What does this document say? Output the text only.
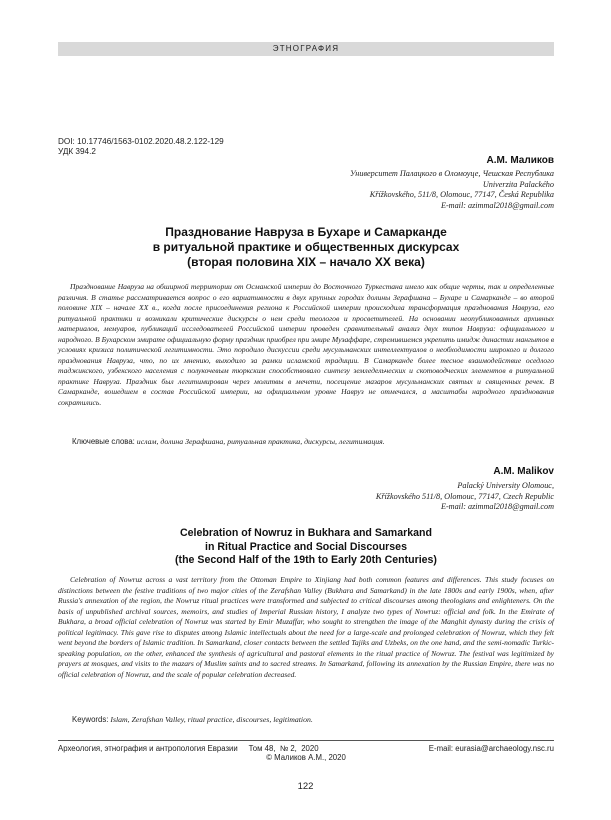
ЭТНОГРАФИЯ
DOI: 10.17746/1563-0102.2020.48.2.122-129
УДК 394.2
А.М. Маликов
Университет Палацкого в Оломоуце, Чешская Республика
Univerzita Palackého
Křížkovského, 511/8, Olomouc, 77147, Česká Republika
E-mail: azimmal2018@gmail.com
Празднование Навруза в Бухаре и Самарканде
в ритуальной практике и общественных дискурсах
(вторая половина XIX – начало XX века)

Празднование Навруза на обширной территории от Османской империи до Восточного Туркестана имело как общие черты, так и определенные различия. В статье рассматривается вопрос о его вариативности в двух крупных городах долины Зерафшана – Бухаре и Самарканде – во второй половине XIX – начале XX в., когда после присоединения региона к Российской империи происходила трансформация празднования Навруза, его ритуальной практики и возникали критические дискурсы о нем среди теологов и просветителей. На основании неопубликованных архивных материалов, мемуаров, публикаций исследователей Российской империи проведен сравнительный анализ двух типов Навруза: официального и народного. В Бухарском эмирате официальную форму праздник приобрел при эмире Музаффаре, стремившемся укрепить имидж династии мангытов в условиях кризиса политической легитимности. Это породило дискуссии среди мусульманских интеллектуалов о необходимости широкого и долгого празднования Навруза, что, по их мнению, выходило за рамки исламской традиции. В Самарканде более тесное взаимодействие оседлого таджикского, узбекского населения с полукочевым тюркским способствовало синтезу земледельческих и скотоводческих элементов в ритуальной практике Навруза. Праздник был легитимирован через молитвы в мечети, посещение мазаров мусульманских святых и священных речек. В Самарканде, вошедшем в состав Российской империи, на официальном уровне Навруз не отмечался, а масштабы народного празднования сократились.

Ключевые слова: ислам, долина Зерафшана, ритуальная практика, дискурсы, легитимация.
A.M. Malikov
Palacký University Olomouc,
Křížkovského 511/8, Olomouc, 77147, Czech Republic
E-mail: azimmal2018@gmail.com
Celebration of Nowruz in Bukhara and Samarkand
in Ritual Practice and Social Discourses
(the Second Half of the 19th to Early 20th Centuries)

Celebration of Nowruz across a vast territory from the Ottoman Empire to Xinjiang had both common features and differences. This study focuses on distinctions between the festive traditions of two major cities of the Zerafshan Valley (Bukhara and Samarkand) in the late 1800s and early 1900s, when, after Russia's annexation of the region, the Nowruz ritual practices were transformed and subjected to critical discourses among theologians and enlighteners. On the basis of unpublished archival sources, memoirs, and studies of Imperial Russian history, I analyze two types of Nowruz: official and folk. In the Emirate of Bukhara, a broad official celebration of Nowruz was started by Emir Muzaffar, who sought to strengthen the image of the Manghit dynasty during the crisis of political legitimacy. This gave rise to disputes among Islamic intellectuals about the need for a large-scale and prolonged celebration of Nowruz, which they felt went beyond the borders of Islamic tradition. In Samarkand, closer contacts between the settled Tajiks and Uzbeks, on the one hand, and the semi-nomadic Turkic-speaking population, on the other, enhanced the synthesis of agricultural and pastoral elements in the ritual practice of Nowruz. The festival was legitimized by prayers at mosques, and visits to the mazars of Muslim saints and to sacred streams. In Samarkand, following its annexation by the Russian Empire, there was no official celebration of Nowruz, and the scale of popular celebration decreased.

Keywords: Islam, Zerafshan Valley, ritual practice, discourses, legitimation.
Археология, этнография и антропология Евразии Том 48, № 2, 2020	E-mail: eurasia@archaeology.nsc.ru
© Маликов А.М., 2020
122
